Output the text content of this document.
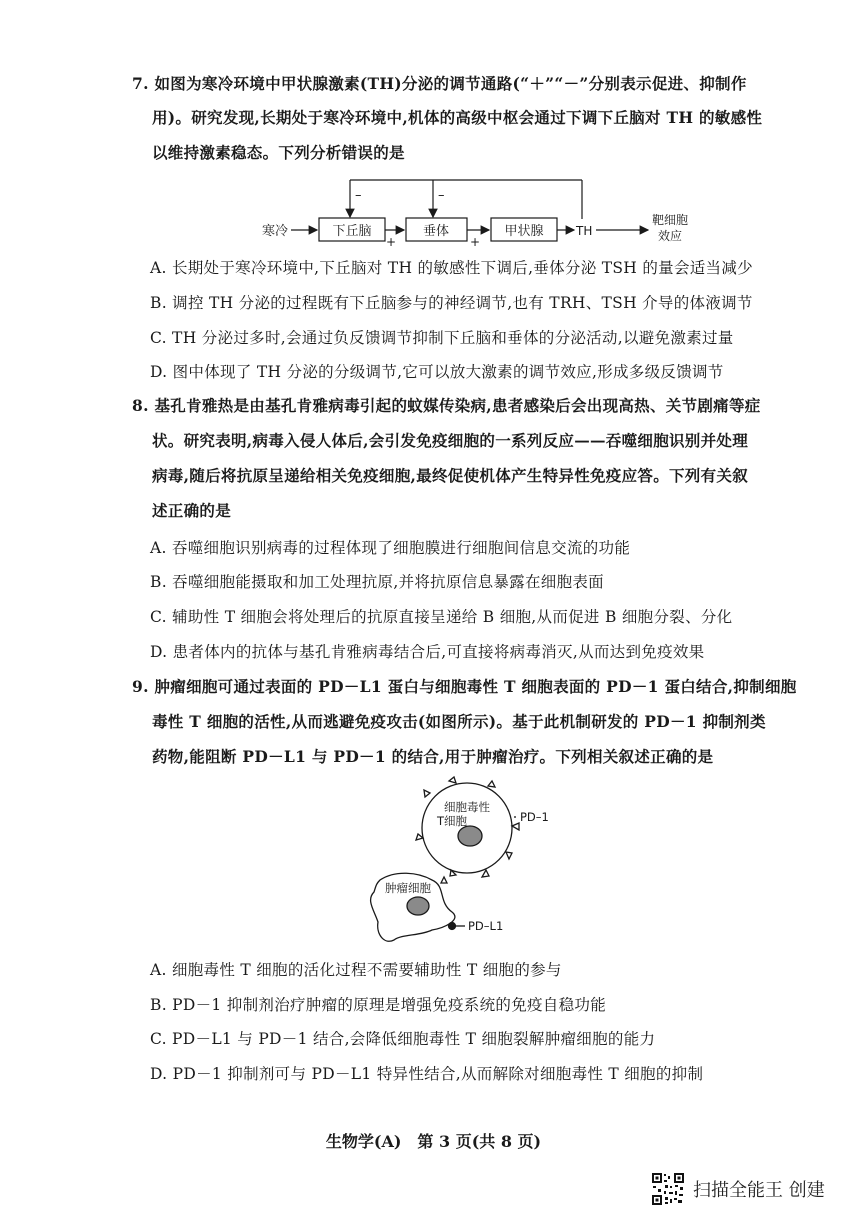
7. 如图为寒冷环境中甲状腺激素(TH)分泌的调节通路(“＋”“－”分别表示促进、抑制作
用)。研究发现,长期处于寒冷环境中,机体的高级中枢会通过下调下丘脑对 TH 的敏感性
以维持激素稳态。下列分析错误的是
寒冷	下丘脑	垂体	甲状腺	TH
靶细胞
效应
+	+
–	–
A. 长期处于寒冷环境中,下丘脑对 TH 的敏感性下调后,垂体分泌 TSH 的量会适当减少
B. 调控 TH 分泌的过程既有下丘脑参与的神经调节,也有 TRH、TSH 介导的体液调节
C. TH 分泌过多时,会通过负反馈调节抑制下丘脑和垂体的分泌活动,以避免激素过量
D. 图中体现了 TH 分泌的分级调节,它可以放大激素的调节效应,形成多级反馈调节
8. 基孔肯雅热是由基孔肯雅病毒引起的蚊媒传染病,患者感染后会出现高热、关节剧痛等症
状。研究表明,病毒入侵人体后,会引发免疫细胞的一系列反应——吞噬细胞识别并处理
病毒,随后将抗原呈递给相关免疫细胞,最终促使机体产生特异性免疫应答。下列有关叙
述正确的是
A. 吞噬细胞识别病毒的过程体现了细胞膜进行细胞间信息交流的功能
B. 吞噬细胞能摄取和加工处理抗原,并将抗原信息暴露在细胞表面
C. 辅助性 T 细胞会将处理后的抗原直接呈递给 B 细胞,从而促进 B 细胞分裂、分化
D. 患者体内的抗体与基孔肯雅病毒结合后,可直接将病毒消灭,从而达到免疫效果
9. 肿瘤细胞可通过表面的 PD－L1 蛋白与细胞毒性 T 细胞表面的 PD－1 蛋白结合,抑制细胞
毒性 T 细胞的活性,从而逃避免疫攻击(如图所示)。基于此机制研发的 PD－1 抑制剂类
药物,能阻断 PD－L1 与 PD－1 的结合,用于肿瘤治疗。下列相关叙述正确的是
细胞毒性
T细胞	PD–1
肿瘤细胞
PD–L1
A. 细胞毒性 T 细胞的活化过程不需要辅助性 T 细胞的参与
B. PD－1 抑制剂治疗肿瘤的原理是增强免疫系统的免疫自稳功能
C. PD－L1 与 PD－1 结合,会降低细胞毒性 T 细胞裂解肿瘤细胞的能力
D. PD－1 抑制剂可与 PD－L1 特异性结合,从而解除对细胞毒性 T 细胞的抑制
生物学(A)　第 3 页(共 8 页)
扫描全能王 创建
